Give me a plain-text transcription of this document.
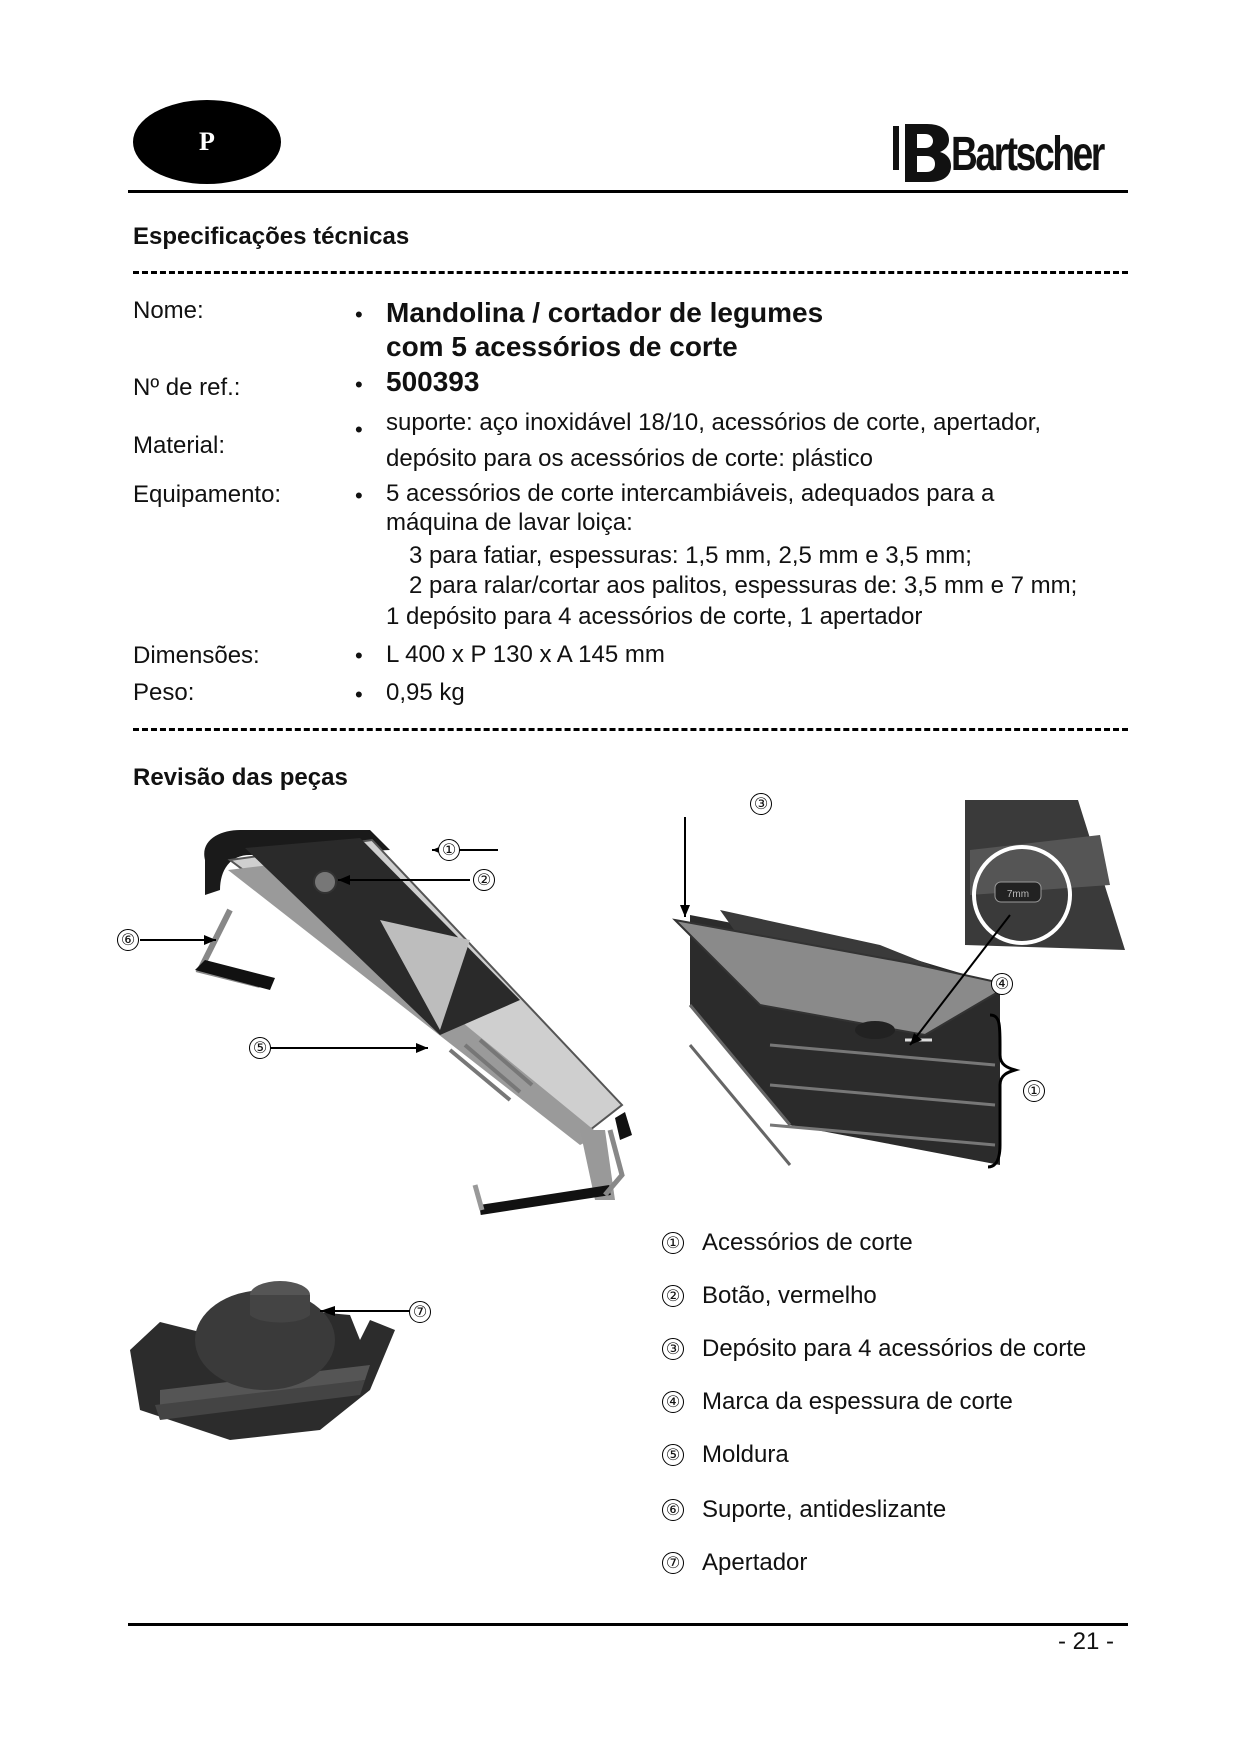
P	Bartscher
Especificações técnicas
Nome:	• Mandolina / cortador de legumes
com 5 acessórios de corte
Nº de ref.:	• 500393
Material:
• suporte: aço inoxidável 18/10, acessórios de corte, apertador,
depósito para os acessórios de corte: plástico
Equipamento:	• 5 acessórios de corte intercambiáveis, adequados para a
máquina de lavar loiça:
3 para fatiar, espessuras: 1,5 mm, 2,5 mm e 3,5 mm;
2 para ralar/cortar aos palitos, espessuras de: 3,5 mm e 7 mm;
1 depósito para 4 acessórios de corte, 1 apertador
Dimensões:	• L 400 x P 130 x A 145 mm
Peso:	• 0,95 kg
Revisão das peças
①
②
⑥
⑤
7mm
③
④
①
⑦
① Acessórios de corte
② Botão, vermelho
③ Depósito para 4 acessórios de corte
④ Marca da espessura de corte
⑤ Moldura
⑥ Suporte, antideslizante
⑦ Apertador
- 21 -
